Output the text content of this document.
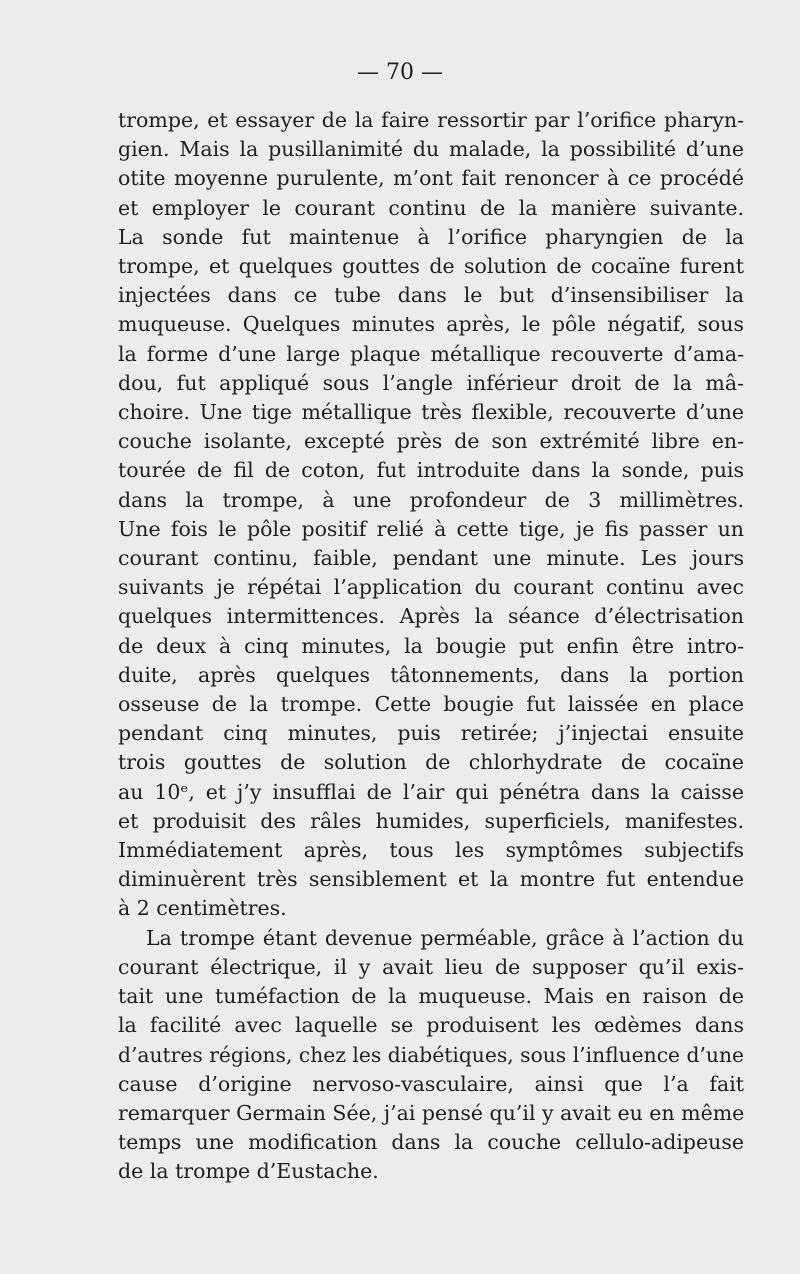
— 70 —
trompe, et essayer de la faire ressortir par l’orifice pharyn-
gien. Mais la pusillanimité du malade, la possibilité d’une
otite moyenne purulente, m’ont fait renoncer à ce procédé
et employer le courant continu de la manière suivante.
La sonde fut maintenue à l’orifice pharyngien de la
trompe, et quelques gouttes de solution de cocaïne furent
injectées dans ce tube dans le but d’insensibiliser la
muqueuse. Quelques minutes après, le pôle négatif, sous
la forme d’une large plaque métallique recouverte d’ama-
dou, fut appliqué sous l’angle inférieur droit de la mâ-
choire. Une tige métallique très flexible, recouverte d’une
couche isolante, excepté près de son extrémité libre en-
tourée de fil de coton, fut introduite dans la sonde, puis
dans la trompe, à une profondeur de 3 millimètres.
Une fois le pôle positif relié à cette tige, je fis passer un
courant continu, faible, pendant une minute. Les jours
suivants je répétai l’application du courant continu avec
quelques intermittences. Après la séance d’électrisation
de deux à cinq minutes, la bougie put enfin être intro-
duite, après quelques tâtonnements, dans la portion
osseuse de la trompe. Cette bougie fut laissée en place
pendant cinq minutes, puis retirée; j’injectai ensuite
trois gouttes de solution de chlorhydrate de cocaïne
au 10ᵉ, et j’y insufflai de l’air qui pénétra dans la caisse
et produisit des râles humides, superficiels, manifestes.
Immédiatement après, tous les symptômes subjectifs
diminuèrent très sensiblement et la montre fut entendue
à 2 centimètres.
La trompe étant devenue perméable, grâce à l’action du
courant électrique, il y avait lieu de supposer qu’il exis-
tait une tuméfaction de la muqueuse. Mais en raison de
la facilité avec laquelle se produisent les œdèmes dans
d’autres régions, chez les diabétiques, sous l’influence d’une
cause d’origine nervoso-vasculaire, ainsi que l’a fait
remarquer Germain Sée, j’ai pensé qu’il y avait eu en même
temps une modification dans la couche cellulo-adipeuse
de la trompe d’Eustache.
